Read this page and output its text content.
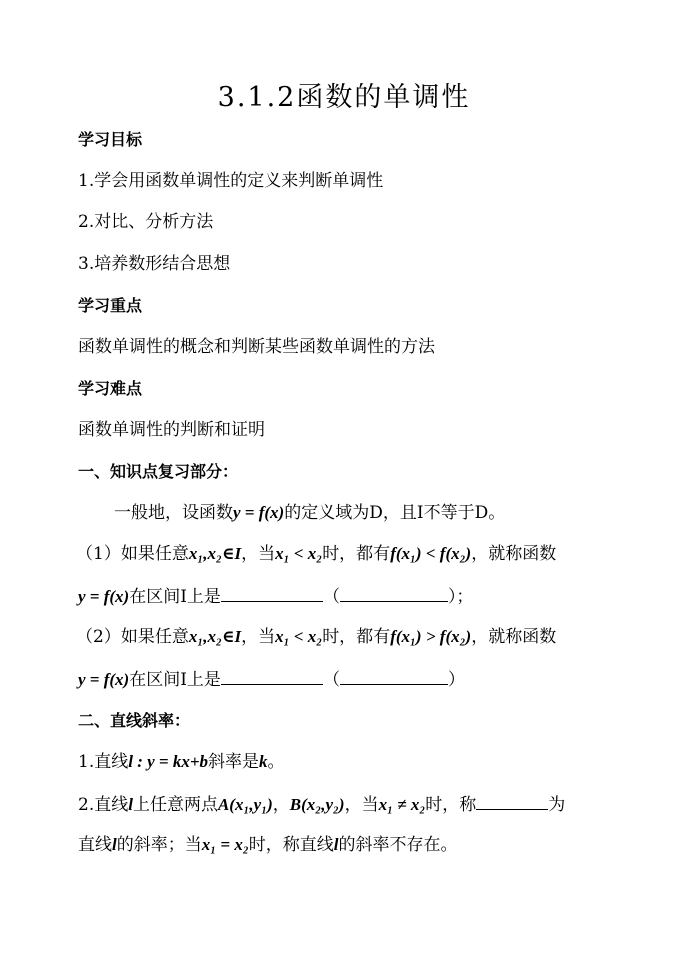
3.1.2函数的单调性
学习目标
1.学会用函数单调性的定义来判断单调性
2.对比、分析方法
3.培养数形结合思想
学习重点
函数单调性的概念和判断某些函数单调性的方法
学习难点
函数单调性的判断和证明
一、知识点复习部分：
一般地，设函数y = f(x)的定义域为D，且I不等于D。
（1）如果任意x₁,x₂∈I，当x₁ < x₂时，都有f(x₁) < f(x₂)，就称函数
y = f(x)在区间I上是	（	）；
（2）如果任意x₁,x₂∈I，当x₁ < x₂时，都有f(x₁) > f(x₂)，就称函数
y = f(x)在区间I上是	（	）
二、直线斜率：
1.直线l : y = kx+b斜率是k。
2.直线l上任意两点A(x₁,y₁)，B(x₂,y₂)，当x₁ ≠ x₂时，称	为
直线l的斜率；当x₁ = x₂时，称直线l的斜率不存在。
